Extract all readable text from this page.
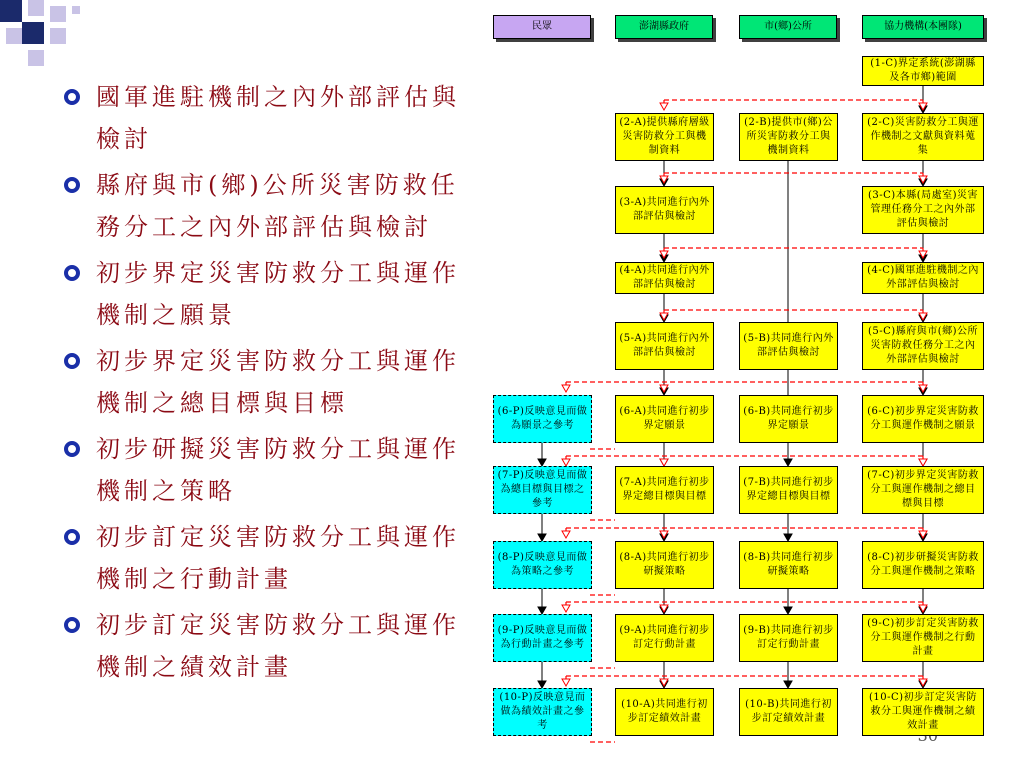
國軍進駐機制之內外部評估與檢討
縣府與市(鄉)公所災害防救任務分工之內外部評估與檢討
初步界定災害防救分工與運作機制之願景
初步界定災害防救分工與運作機制之總目標與目標
初步研擬災害防救分工與運作機制之策略
初步訂定災害防救分工與運作機制之行動計畫
初步訂定災害防救分工與運作機制之績效計畫
民眾	澎湖縣政府	市(鄉)公所	協力機構(本團隊)
(1-C)界定系統(澎湖縣及各市鄉)範圍
(2-A)提供縣府層級災害防救分工與機制資料
(2-B)提供市(鄉)公所災害防救分工與機制資料
(2-C)災害防救分工與運作機制之文獻與資料蒐集
(3-A)共同進行內外部評估與檢討
(3-C)本縣(局處室)災害管理任務分工之內外部評估與檢討
(4-A)共同進行內外部評估與檢討
(4-C)國軍進駐機制之內外部評估與檢討
(5-A)共同進行內外部評估與檢討
(5-B)共同進行內外部評估與檢討
(5-C)縣府與市(鄉)公所災害防救任務分工之內外部評估與檢討
(6-P)反映意見而做為願景之參考
(6-A)共同進行初步界定願景
(6-B)共同進行初步界定願景
(6-C)初步界定災害防救分工與運作機制之願景
(7-P)反映意見而做為總目標與目標之參考
(7-A)共同進行初步界定總目標與目標
(7-B)共同進行初步界定總目標與目標
(7-C)初步界定災害防救分工與運作機制之總目標與目標
(8-P)反映意見而做為策略之參考
(8-A)共同進行初步研擬策略
(8-B)共同進行初步研擬策略
(8-C)初步研擬災害防救分工與運作機制之策略
(9-P)反映意見而做為行動計畫之參考
(9-A)共同進行初步訂定行動計畫
(9-B)共同進行初步訂定行動計畫
(9-C)初步訂定災害防救分工與運作機制之行動計畫
(10-P)反映意見而做為績效計畫之參考
(10-A)共同進行初步訂定績效計畫
(10-B)共同進行初步訂定績效計畫
(10-C)初步訂定災害防救分工與運作機制之績效計畫
